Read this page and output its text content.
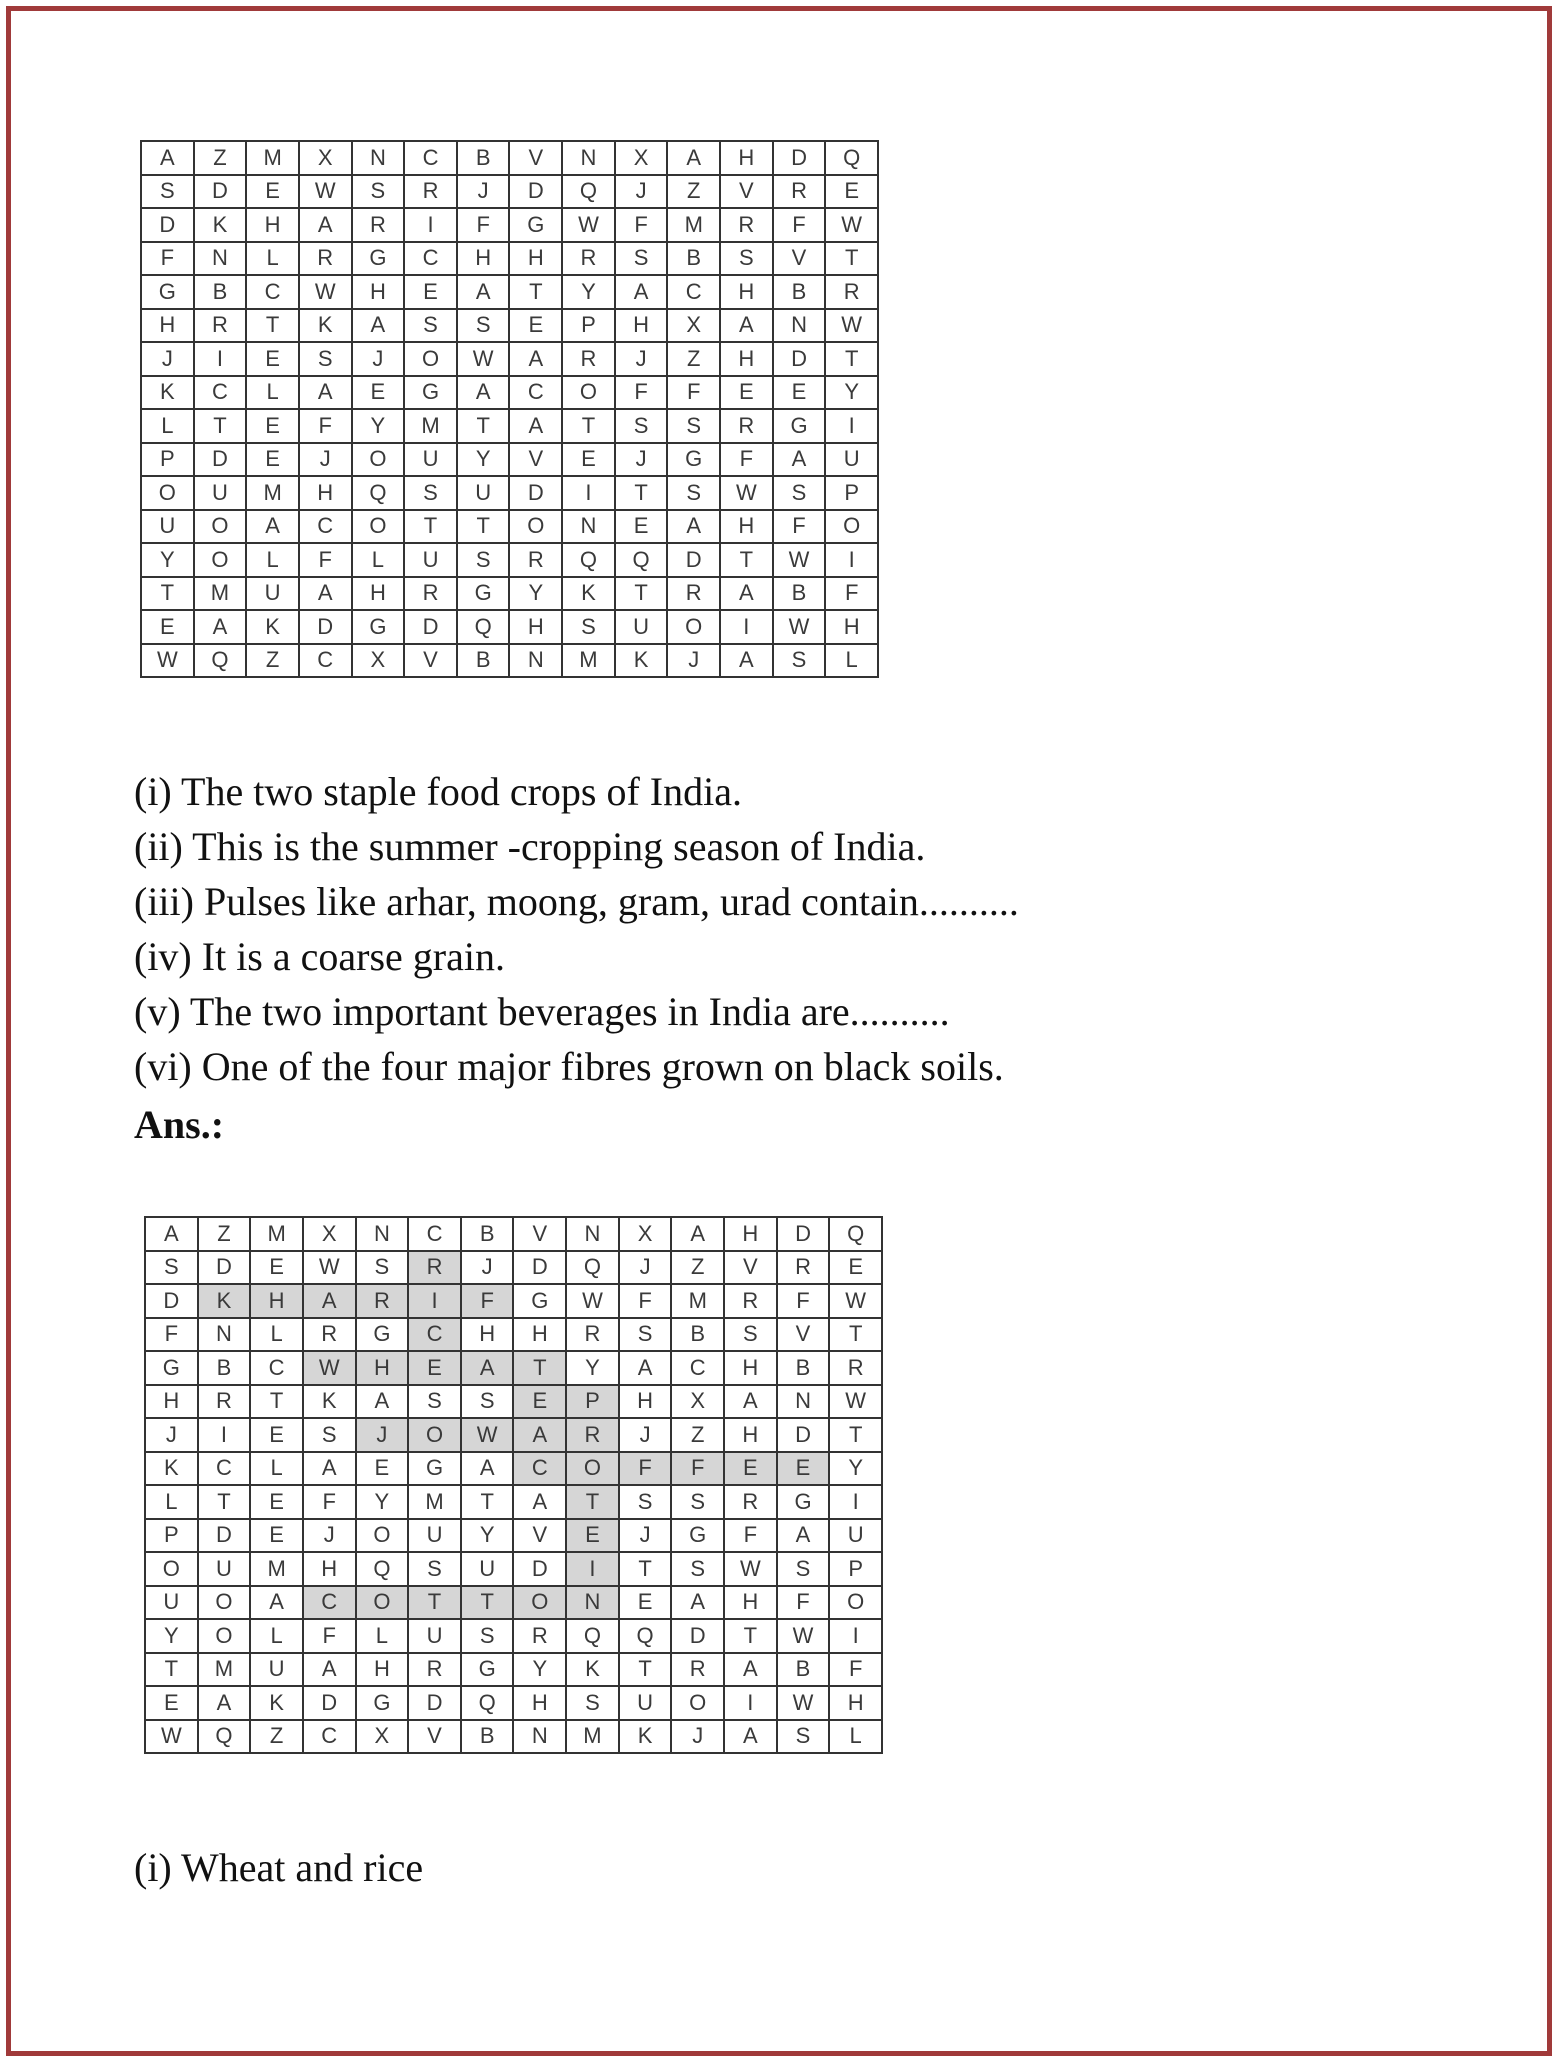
A	Z	M	X	N	C	B	V	N	X	A	H	D	Q
S	D	E	W	S	R	J	D	Q	J	Z	V	R	E
D	K	H	A	R	I	F	G	W	F	M	R	F	W
F	N	L	R	G	C	H	H	R	S	B	S	V	T
G	B	C	W	H	E	A	T	Y	A	C	H	B	R
H	R	T	K	A	S	S	E	P	H	X	A	N	W
J	I	E	S	J	O	W	A	R	J	Z	H	D	T
K	C	L	A	E	G	A	C	O	F	F	E	E	Y
L	T	E	F	Y	M	T	A	T	S	S	R	G	I
P	D	E	J	O	U	Y	V	E	J	G	F	A	U
O	U	M	H	Q	S	U	D	I	T	S	W	S	P
U	O	A	C	O	T	T	O	N	E	A	H	F	O
Y	O	L	F	L	U	S	R	Q	Q	D	T	W	I
T	M	U	A	H	R	G	Y	K	T	R	A	B	F
E	A	K	D	G	D	Q	H	S	U	O	I	W	H
W	Q	Z	C	X	V	B	N	M	K	J	A	S	L
(i) The two staple food crops of India.
(ii) This is the summer -cropping season of India.
(iii) Pulses like arhar, moong, gram, urad contain..........
(iv) It is a coarse grain.
(v) The two important beverages in India are..........
(vi) One of the four major fibres grown on black soils.
Ans.:
A	Z	M	X	N	C	B	V	N	X	A	H	D	Q
S	D	E	W	S	R	J	D	Q	J	Z	V	R	E
D	K	H	A	R	I	F	G	W	F	M	R	F	W
F	N	L	R	G	C	H	H	R	S	B	S	V	T
G	B	C	W	H	E	A	T	Y	A	C	H	B	R
H	R	T	K	A	S	S	E	P	H	X	A	N	W
J	I	E	S	J	O	W	A	R	J	Z	H	D	T
K	C	L	A	E	G	A	C	O	F	F	E	E	Y
L	T	E	F	Y	M	T	A	T	S	S	R	G	I
P	D	E	J	O	U	Y	V	E	J	G	F	A	U
O	U	M	H	Q	S	U	D	I	T	S	W	S	P
U	O	A	C	O	T	T	O	N	E	A	H	F	O
Y	O	L	F	L	U	S	R	Q	Q	D	T	W	I
T	M	U	A	H	R	G	Y	K	T	R	A	B	F
E	A	K	D	G	D	Q	H	S	U	O	I	W	H
W	Q	Z	C	X	V	B	N	M	K	J	A	S	L
(i) Wheat and rice
